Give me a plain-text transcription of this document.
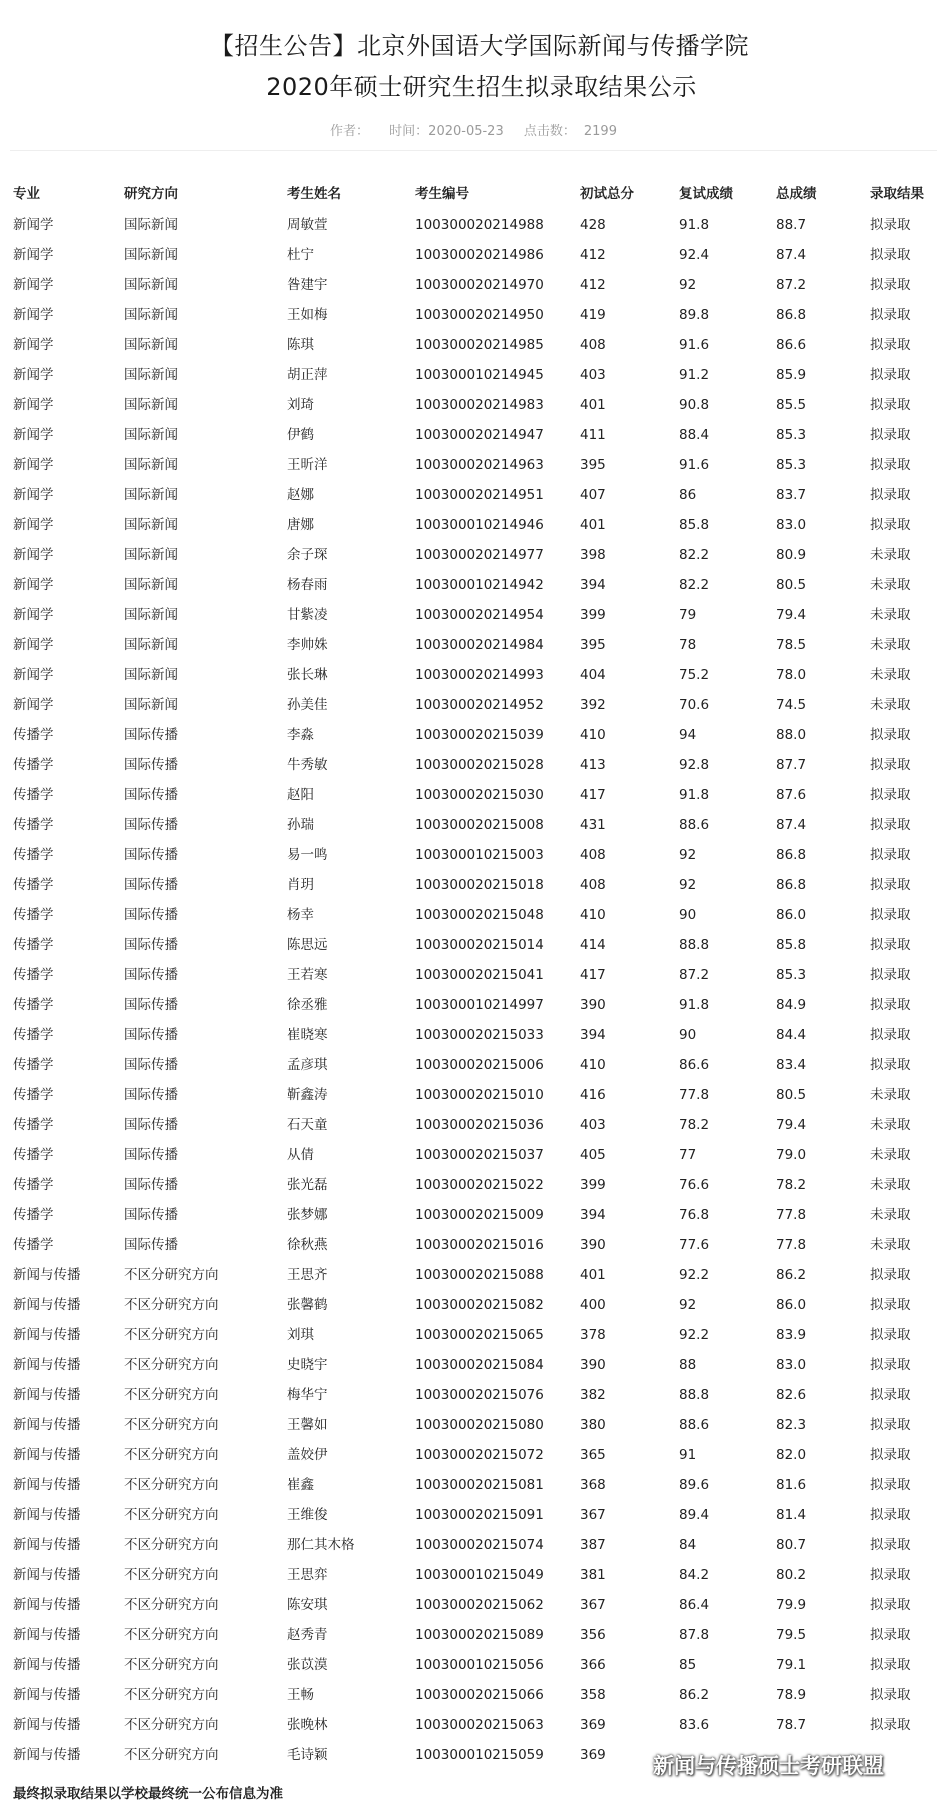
【招生公告】北京外国语大学国际新闻与传播学院
2020年硕士研究生招生拟录取结果公示
作者： 时间：2020-05-23 点击数： 2199
专业	研究方向	考生姓名	考生编号	初试总分	复试成绩	总成绩	录取结果
新闻学	国际新闻	周敏萱	100300020214988	428	91.8	88.7	拟录取
新闻学	国际新闻	杜宁	100300020214986	412	92.4	87.4	拟录取
新闻学	国际新闻	昝建宇	100300020214970	412	92	87.2	拟录取
新闻学	国际新闻	王如梅	100300020214950	419	89.8	86.8	拟录取
新闻学	国际新闻	陈琪	100300020214985	408	91.6	86.6	拟录取
新闻学	国际新闻	胡正萍	100300010214945	403	91.2	85.9	拟录取
新闻学	国际新闻	刘琦	100300020214983	401	90.8	85.5	拟录取
新闻学	国际新闻	伊鹤	100300020214947	411	88.4	85.3	拟录取
新闻学	国际新闻	王昕洋	100300020214963	395	91.6	85.3	拟录取
新闻学	国际新闻	赵娜	100300020214951	407	86	83.7	拟录取
新闻学	国际新闻	唐娜	100300010214946	401	85.8	83.0	拟录取
新闻学	国际新闻	余子琛	100300020214977	398	82.2	80.9	未录取
新闻学	国际新闻	杨春雨	100300010214942	394	82.2	80.5	未录取
新闻学	国际新闻	甘紫凌	100300020214954	399	79	79.4	未录取
新闻学	国际新闻	李帅姝	100300020214984	395	78	78.5	未录取
新闻学	国际新闻	张长琳	100300020214993	404	75.2	78.0	未录取
新闻学	国际新闻	孙美佳	100300020214952	392	70.6	74.5	未录取
传播学	国际传播	李淼	100300020215039	410	94	88.0	拟录取
传播学	国际传播	牛秀敏	100300020215028	413	92.8	87.7	拟录取
传播学	国际传播	赵阳	100300020215030	417	91.8	87.6	拟录取
传播学	国际传播	孙瑞	100300020215008	431	88.6	87.4	拟录取
传播学	国际传播	易一鸣	100300010215003	408	92	86.8	拟录取
传播学	国际传播	肖玥	100300020215018	408	92	86.8	拟录取
传播学	国际传播	杨幸	100300020215048	410	90	86.0	拟录取
传播学	国际传播	陈思远	100300020215014	414	88.8	85.8	拟录取
传播学	国际传播	王若寒	100300020215041	417	87.2	85.3	拟录取
传播学	国际传播	徐丞雅	100300010214997	390	91.8	84.9	拟录取
传播学	国际传播	崔晓寒	100300020215033	394	90	84.4	拟录取
传播学	国际传播	孟彦琪	100300020215006	410	86.6	83.4	拟录取
传播学	国际传播	靳鑫涛	100300020215010	416	77.8	80.5	未录取
传播学	国际传播	石天童	100300020215036	403	78.2	79.4	未录取
传播学	国际传播	从倩	100300020215037	405	77	79.0	未录取
传播学	国际传播	张光磊	100300020215022	399	76.6	78.2	未录取
传播学	国际传播	张梦娜	100300020215009	394	76.8	77.8	未录取
传播学	国际传播	徐秋燕	100300020215016	390	77.6	77.8	未录取
新闻与传播	不区分研究方向	王思齐	100300020215088	401	92.2	86.2	拟录取
新闻与传播	不区分研究方向	张馨鹤	100300020215082	400	92	86.0	拟录取
新闻与传播	不区分研究方向	刘琪	100300020215065	378	92.2	83.9	拟录取
新闻与传播	不区分研究方向	史晓宇	100300020215084	390	88	83.0	拟录取
新闻与传播	不区分研究方向	梅华宁	100300020215076	382	88.8	82.6	拟录取
新闻与传播	不区分研究方向	王馨如	100300020215080	380	88.6	82.3	拟录取
新闻与传播	不区分研究方向	盖姣伊	100300020215072	365	91	82.0	拟录取
新闻与传播	不区分研究方向	崔鑫	100300020215081	368	89.6	81.6	拟录取
新闻与传播	不区分研究方向	王维俊	100300020215091	367	89.4	81.4	拟录取
新闻与传播	不区分研究方向	那仁其木格	100300020215074	387	84	80.7	拟录取
新闻与传播	不区分研究方向	王思弈	100300010215049	381	84.2	80.2	拟录取
新闻与传播	不区分研究方向	陈安琪	100300020215062	367	86.4	79.9	拟录取
新闻与传播	不区分研究方向	赵秀青	100300020215089	356	87.8	79.5	拟录取
新闻与传播	不区分研究方向	张苡漠	100300010215056	366	85	79.1	拟录取
新闻与传播	不区分研究方向	王畅	100300020215066	358	86.2	78.9	拟录取
新闻与传播	不区分研究方向	张晚林	100300020215063	369	83.6	78.7	拟录取
新闻与传播	不区分研究方向	毛诗颖	100300010215059	369
最终拟录取结果以学校最终统一公布信息为准
新闻与传播硕士考研联盟
